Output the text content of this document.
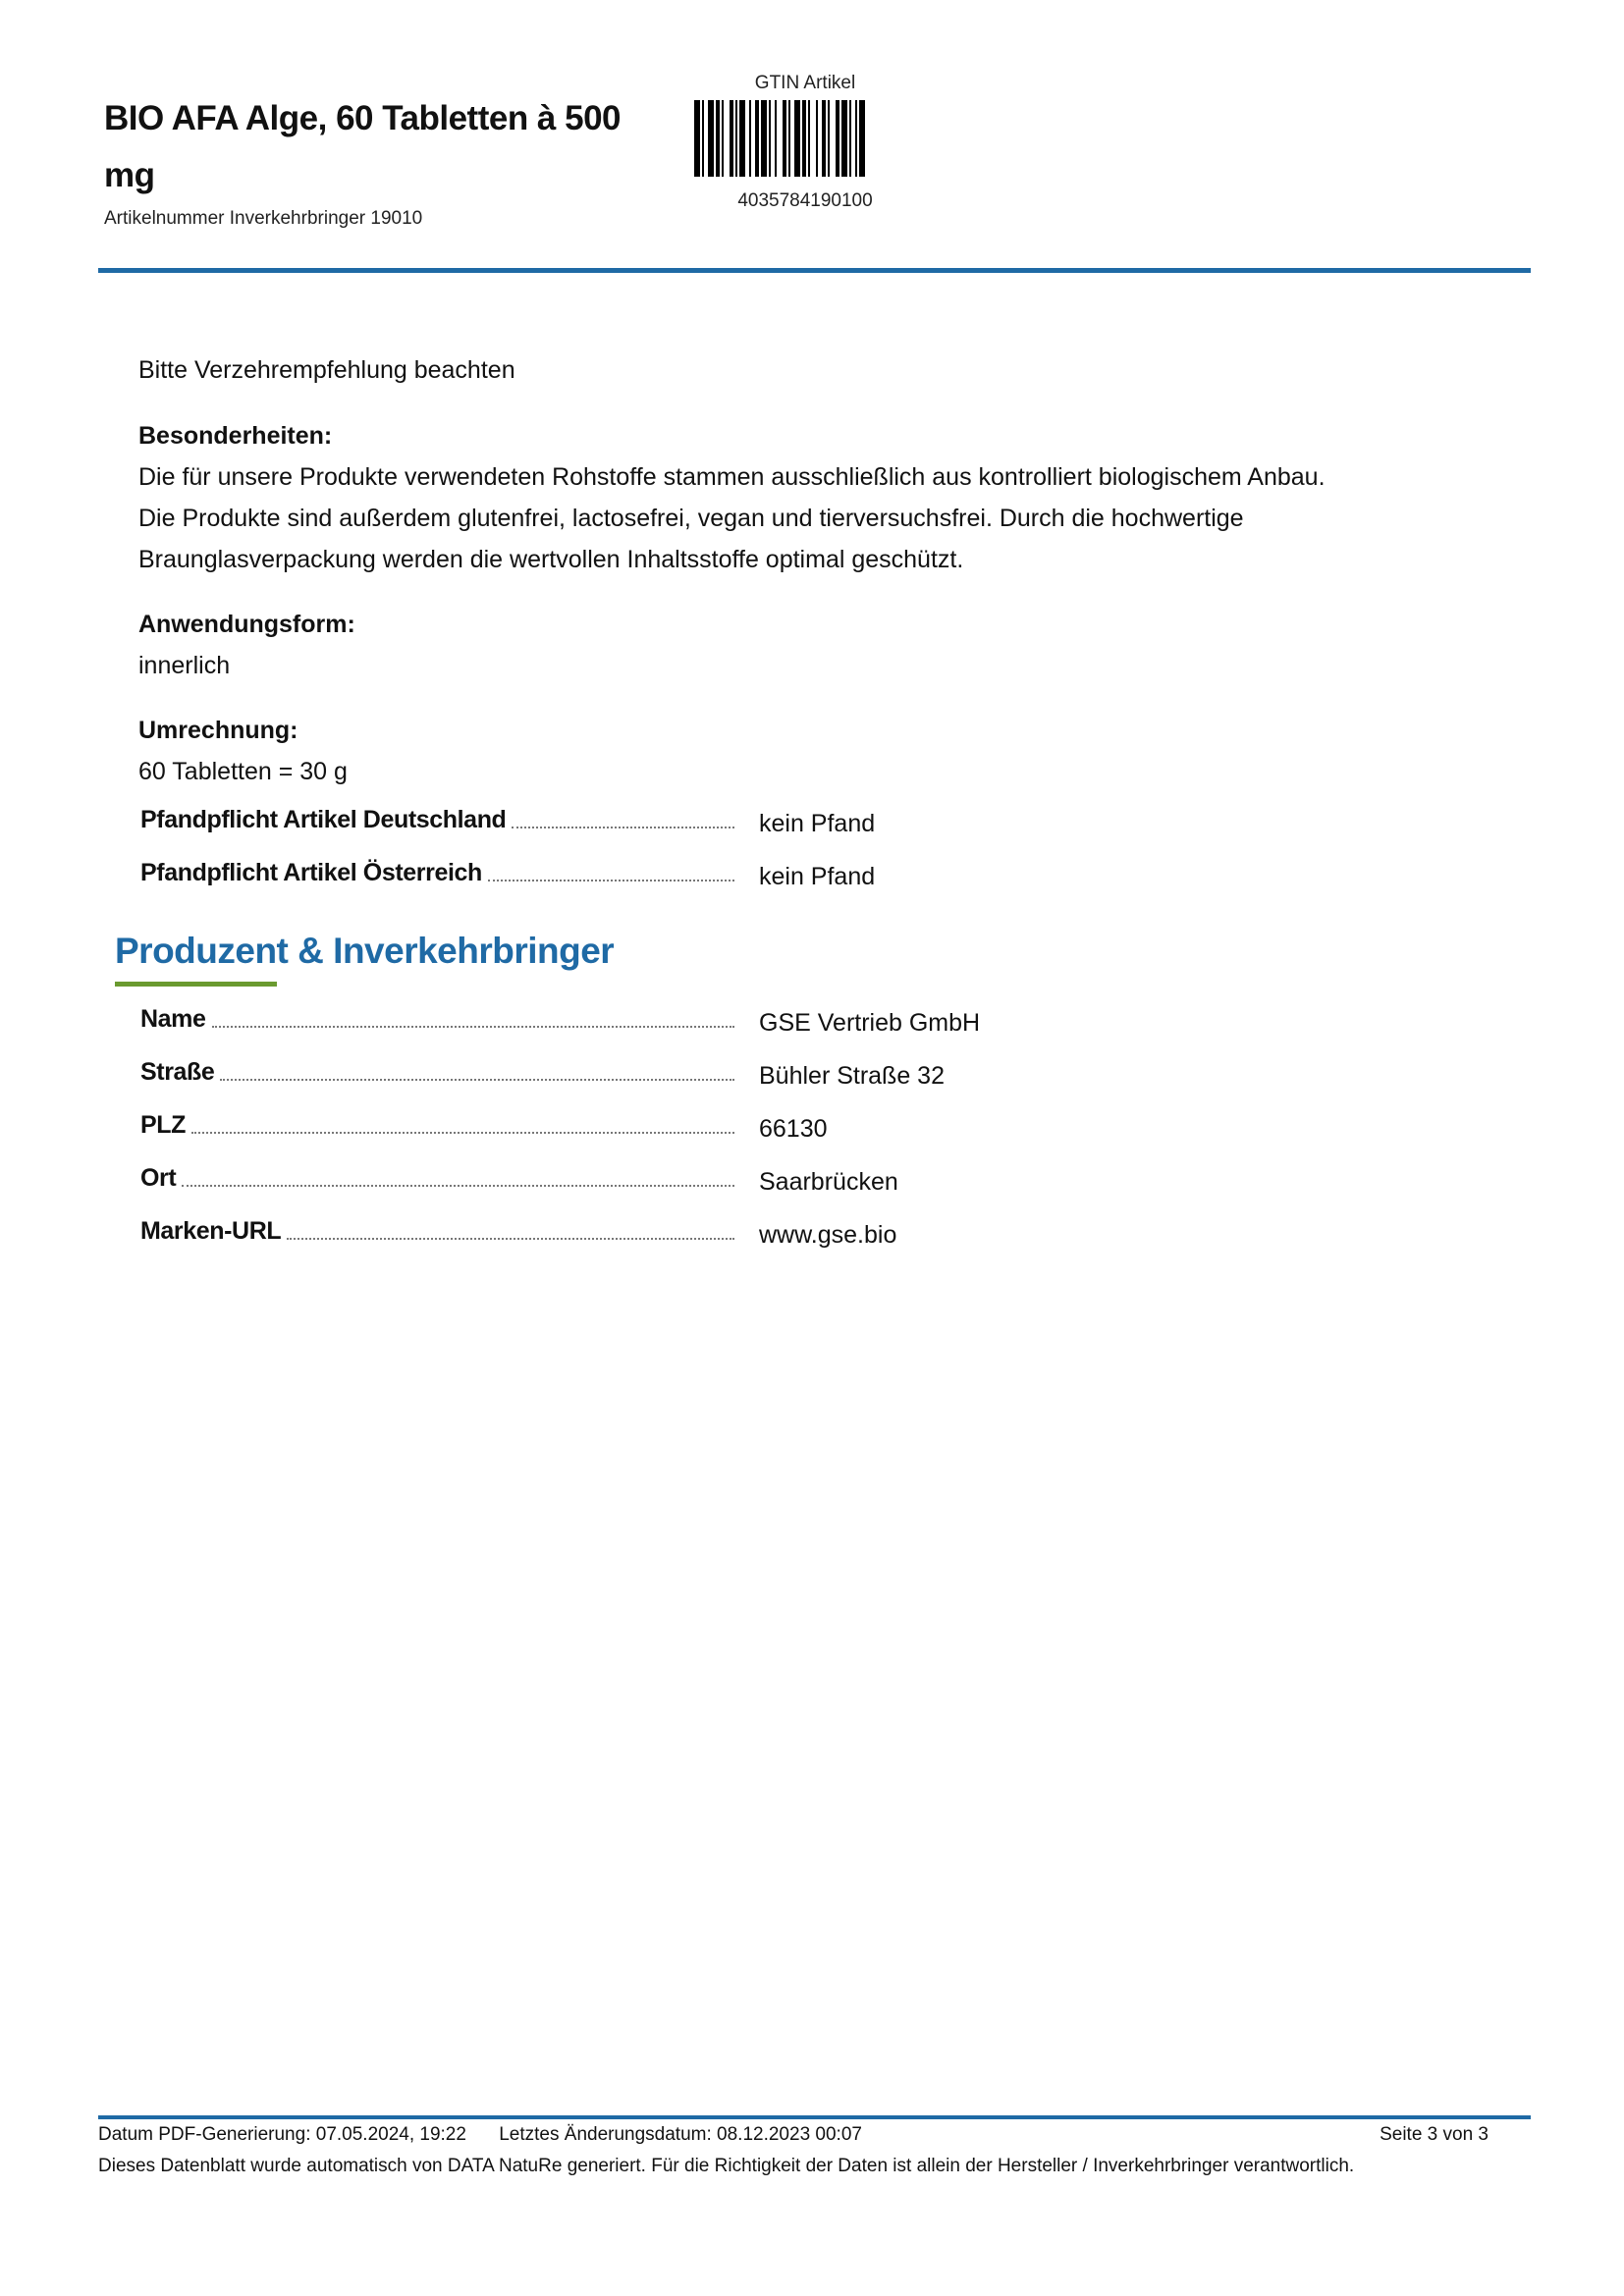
BIO AFA Alge, 60 Tabletten à 500 mg
Artikelnummer Inverkehrbringer 19010
GTIN Artikel
4035784190100
Bitte Verzehrempfehlung beachten
Besonderheiten:
Die für unsere Produkte verwendeten Rohstoffe stammen ausschließlich aus kontrolliert biologischem Anbau.
Die Produkte sind außerdem glutenfrei, lactosefrei, vegan und tierversuchsfrei. Durch die hochwertige
Braunglasverpackung werden die wertvollen Inhaltsstoffe optimal geschützt.
Anwendungsform:
innerlich
Umrechnung:
60 Tabletten = 30 g
Pfandpflicht Artikel Deutschland	kein Pfand
Pfandpflicht Artikel Österreich	kein Pfand
Produzent & Inverkehrbringer
Name	GSE Vertrieb GmbH
Straße	Bühler Straße 32
PLZ	66130
Ort	Saarbrücken
Marken-URL	www.gse.bio
Datum PDF-Generierung: 07.05.2024, 19:22 Letztes Änderungsdatum: 08.12.2023 00:07	Seite 3 von 3
Dieses Datenblatt wurde automatisch von DATA NatuRe generiert. Für die Richtigkeit der Daten ist allein der Hersteller / Inverkehrbringer verantwortlich.
